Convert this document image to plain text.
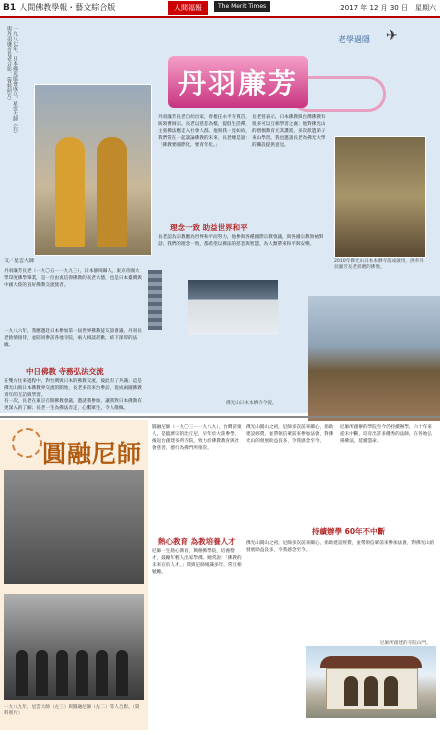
B1 人間佛教學報・藝文綜合版	人間福報	The Merit Times	2017 年 12 月 30 日　星期六
一九八七年，日本佛光協會成立，星雲大師（右）與丹羽廉芳長老合影。（資料照片）	老學過隱 ✈
丹羽廉芳
文／星雲大師
丹羽廉芳長老（一九〇五－一九九三），日本靜岡縣人，東京帝國大學印度佛學畢業，是一位由衷信仰佛教的長老大德，也是日本臺灣與中國大陸的良好佛教交流使者。
一九八六年，我應邀赴日本參加第一屆世界佛教徒友誼會議，丹羽長老熱情接待，並陪同參訪各地寺院，兩人相談甚歡，結下深厚的法緣。
中日佛教 寺務弘法交流
在雙方往來過程中，對台灣與日本的佛教交流，彼此有了共識；這是佛光山與日本佛教界交流的開始，長老多次來台參訪，促成兩國佛教青年的互訪與學習。
有一次，長老在東京召開佛教會議，邀請我參加，讓我對日本佛教有更深入的了解；長老一生為佛法奔走，心繫眾生，令人敬佩。
丹羽廉芳長老自幼出家，曾擔任永平寺貫首，統領曹洞宗。長老以慈悲為懷，提倡生活禪，主張佛法應走入社會人群。他與我一見如故，我們常在一起談論佛教的未來，長老總是說：「佛教要國際化，要青年化。」
長老曾表示，日本佛教與台灣佛教有很多可以互相學習之處；他對佛光山的僧伽教育尤其讚賞，多次派遣弟子來山學習。我也邀請長老為佛光大學的籌設提供意見。
2010年佛光山日本本栖寺落成啟用，供奉丹羽廉芳長老捐贈的佛像。
理念一致 助益世界和平
長老認為宗教應為世界和平而努力，他參與各種國際宗教會議，與各國宗教領袖對話；我們的理念一致，都希望以佛法的慈悲與智慧，為人類帶來和平與安樂。
佛光山日本本栖寺今貌。
圓融尼師
一九八九年，星雲大師（左三）與圓融尼師（左二）等人合影。（資料照片）
圓融尼師（一九〇三－一九八九），台灣苗栗人，是臨濟宗的比丘尼，早年於大陸參學，後返台創建多所寺院，致力於佛教教育與社會慈善，德行為佛門所推崇。
熱心教育 為教培養人才
尼師一生熱心教育，興辦佛學院，培養僧才，鼓勵年輕人出家學佛。她常說：「佛教的未來在於人才。」我與尼師相識多年，常互相勉勵。
佛光山開山之初，尼師多次前來關心，捐助建設經費，並帶領信眾前來參加法會，對佛光山的發展助益良多，令我感念至今。
持續辦學 60年不中斷
尼師所創辦的學院至今仍持續辦學，六十年來從未中斷，培育出許多優秀的法師，在各地弘揚佛法，延續慧命。
佛光山開山之初，尼師多次前來關心，捐助建設經費，並帶領信眾前來參加法會，對佛光山的發展助益良多，令我感念至今。
尼師所創建的寺院山門。
